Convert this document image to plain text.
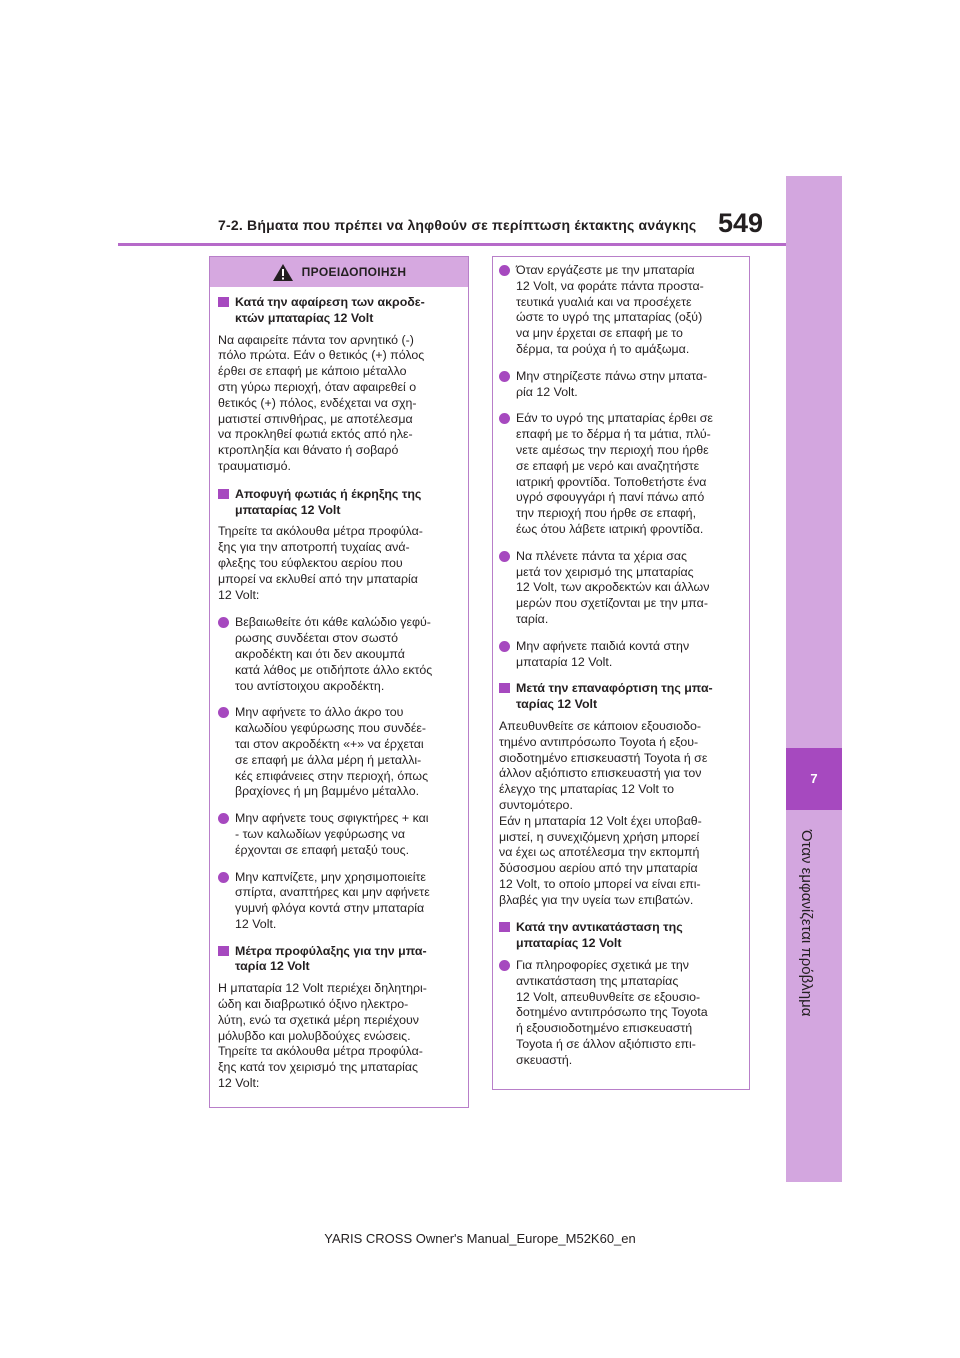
7-2. Βήματα που πρέπει να ληφθούν σε περίπτωση έκτακτης ανάγκης 549
7
Όταν εμφανίζεται πρόβλημα
ΠΡΟΕΙΔΟΠΟΙΗΣΗ
Κατά την αφαίρεση των ακροδε-
κτών μπαταρίας 12 Volt
Να αφαιρείτε πάντα τον αρνητικό (-)
πόλο πρώτα. Εάν ο θετικός (+) πόλος
έρθει σε επαφή με κάποιο μέταλλο
στη γύρω περιοχή, όταν αφαιρεθεί ο
θετικός (+) πόλος, ενδέχεται να σχη-
ματιστεί σπινθήρας, με αποτέλεσμα
να προκληθεί φωτιά εκτός από ηλε-
κτροπληξία και θάνατο ή σοβαρό
τραυματισμό.
Αποφυγή φωτιάς ή έκρηξης της
μπαταρίας 12 Volt
Τηρείτε τα ακόλουθα μέτρα προφύλα-
ξης για την αποτροπή τυχαίας ανά-
φλεξης του εύφλεκτου αερίου που
μπορεί να εκλυθεί από την μπαταρία
12 Volt:
Βεβαιωθείτε ότι κάθε καλώδιο γεφύ-
ρωσης συνδέεται στον σωστό
ακροδέκτη και ότι δεν ακουμπά
κατά λάθος με οτιδήποτε άλλο εκτός
του αντίστοιχου ακροδέκτη.
Μην αφήνετε το άλλο άκρο του
καλωδίου γεφύρωσης που συνδέε-
ται στον ακροδέκτη «+» να έρχεται
σε επαφή με άλλα μέρη ή μεταλλι-
κές επιφάνειες στην περιοχή, όπως
βραχίονες ή μη βαμμένο μέταλλο.
Μην αφήνετε τους σφιγκτήρες + και
- των καλωδίων γεφύρωσης να
έρχονται σε επαφή μεταξύ τους.
Μην καπνίζετε, μην χρησιμοποιείτε
σπίρτα, αναπτήρες και μην αφήνετε
γυμνή φλόγα κοντά στην μπαταρία
12 Volt.
Μέτρα προφύλαξης για την μπα-
ταρία 12 Volt
Η μπαταρία 12 Volt περιέχει δηλητηρι-
ώδη και διαβρωτικό όξινο ηλεκτρο-
λύτη, ενώ τα σχετικά μέρη περιέχουν
μόλυβδο και μολυβδούχες ενώσεις.
Τηρείτε τα ακόλουθα μέτρα προφύλα-
ξης κατά τον χειρισμό της μπαταρίας
12 Volt:
Όταν εργάζεστε με την μπαταρία
12 Volt, να φοράτε πάντα προστα-
τευτικά γυαλιά και να προσέχετε
ώστε το υγρό της μπαταρίας (οξύ)
να μην έρχεται σε επαφή με το
δέρμα, τα ρούχα ή το αμάξωμα.
Μην στηρίζεστε πάνω στην μπατα-
ρία 12 Volt.
Εάν το υγρό της μπαταρίας έρθει σε
επαφή με το δέρμα ή τα μάτια, πλύ-
νετε αμέσως την περιοχή που ήρθε
σε επαφή με νερό και αναζητήστε
ιατρική φροντίδα. Τοποθετήστε ένα
υγρό σφουγγάρι ή πανί πάνω από
την περιοχή που ήρθε σε επαφή,
έως ότου λάβετε ιατρική φροντίδα.
Να πλένετε πάντα τα χέρια σας
μετά τον χειρισμό της μπαταρίας
12 Volt, των ακροδεκτών και άλλων
μερών που σχετίζονται με την μπα-
ταρία.
Μην αφήνετε παιδιά κοντά στην
μπαταρία 12 Volt.
Μετά την επαναφόρτιση της μπα-
ταρίας 12 Volt
Απευθυνθείτε σε κάποιον εξουσιοδο-
τημένο αντιπρόσωπο Toyota ή εξου-
σιοδοτημένο επισκευαστή Toyota ή σε
άλλον αξιόπιστο επισκευαστή για τον
έλεγχο της μπαταρίας 12 Volt το
συντομότερο.
Εάν η μπαταρία 12 Volt έχει υποβαθ-
μιστεί, η συνεχιζόμενη χρήση μπορεί
να έχει ως αποτέλεσμα την εκπομπή
δύσοσμου αερίου από την μπαταρία
12 Volt, το οποίο μπορεί να είναι επι-
βλαβές για την υγεία των επιβατών.
Κατά την αντικατάσταση της
μπαταρίας 12 Volt
Για πληροφορίες σχετικά με την
αντικατάσταση της μπαταρίας
12 Volt, απευθυνθείτε σε εξουσιο-
δοτημένο αντιπρόσωπο της Toyota
ή εξουσιοδοτημένο επισκευαστή
Toyota ή σε άλλον αξιόπιστο επι-
σκευαστή.
YARIS CROSS Owner's Manual_Europe_M52K60_en
